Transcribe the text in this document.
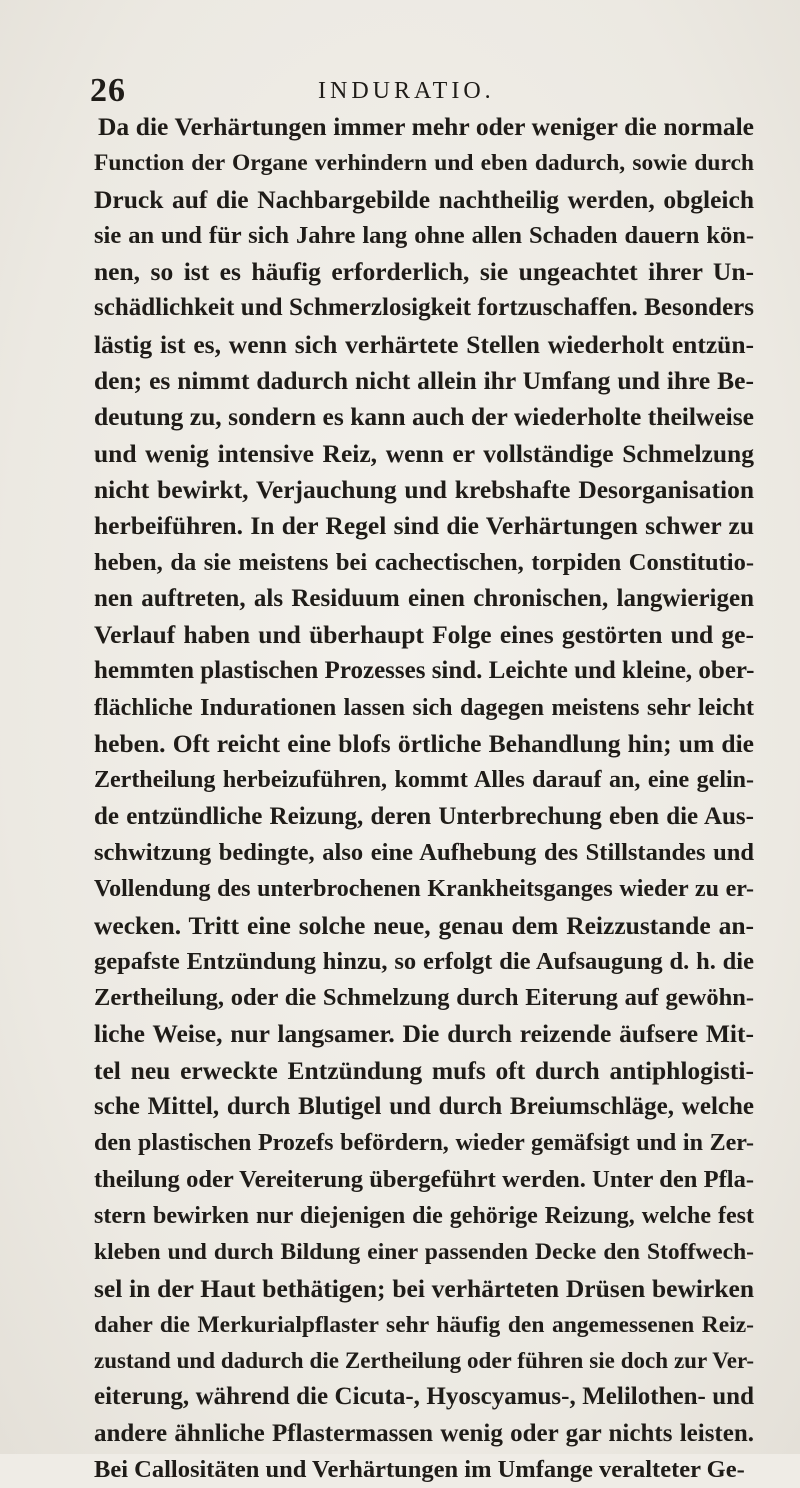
26	INDURATIO.
Da die Verhärtungen immer mehr oder weniger die normale
Function der Organe verhindern und eben dadurch, sowie durch
Druck auf die Nachbargebilde nachtheilig werden, obgleich
sie an und für sich Jahre lang ohne allen Schaden dauern kön-
nen, so ist es häufig erforderlich, sie ungeachtet ihrer Un-
schädlichkeit und Schmerzlosigkeit fortzuschaffen. Besonders
lästig ist es, wenn sich verhärtete Stellen wiederholt entzün-
den; es nimmt dadurch nicht allein ihr Umfang und ihre Be-
deutung zu, sondern es kann auch der wiederholte theilweise
und wenig intensive Reiz, wenn er vollständige Schmelzung
nicht bewirkt, Verjauchung und krebshafte Desorganisation
herbeiführen. In der Regel sind die Verhärtungen schwer zu
heben, da sie meistens bei cachectischen, torpiden Constitutio-
nen auftreten, als Residuum einen chronischen, langwierigen
Verlauf haben und überhaupt Folge eines gestörten und ge-
hemmten plastischen Prozesses sind. Leichte und kleine, ober-
flächliche Indurationen lassen sich dagegen meistens sehr leicht
heben. Oft reicht eine blofs örtliche Behandlung hin; um die
Zertheilung herbeizuführen, kommt Alles darauf an, eine gelin-
de entzündliche Reizung, deren Unterbrechung eben die Aus-
schwitzung bedingte, also eine Aufhebung des Stillstandes und
Vollendung des unterbrochenen Krankheitsganges wieder zu er-
wecken. Tritt eine solche neue, genau dem Reizzustande an-
gepafste Entzündung hinzu, so erfolgt die Aufsaugung d. h. die
Zertheilung, oder die Schmelzung durch Eiterung auf gewöhn-
liche Weise, nur langsamer. Die durch reizende äufsere Mit-
tel neu erweckte Entzündung mufs oft durch antiphlogisti-
sche Mittel, durch Blutigel und durch Breiumschläge, welche
den plastischen Prozefs befördern, wieder gemäfsigt und in Zer-
theilung oder Vereiterung übergeführt werden. Unter den Pfla-
stern bewirken nur diejenigen die gehörige Reizung, welche fest
kleben und durch Bildung einer passenden Decke den Stoffwech-
sel in der Haut bethätigen; bei verhärteten Drüsen bewirken
daher die Merkurialpflaster sehr häufig den angemessenen Reiz-
zustand und dadurch die Zertheilung oder führen sie doch zur Ver-
eiterung, während die Cicuta-, Hyoscyamus-, Melilothen- und
andere ähnliche Pflastermassen wenig oder gar nichts leisten.
Bei Callositäten und Verhärtungen im Umfange veralteter Ge-
